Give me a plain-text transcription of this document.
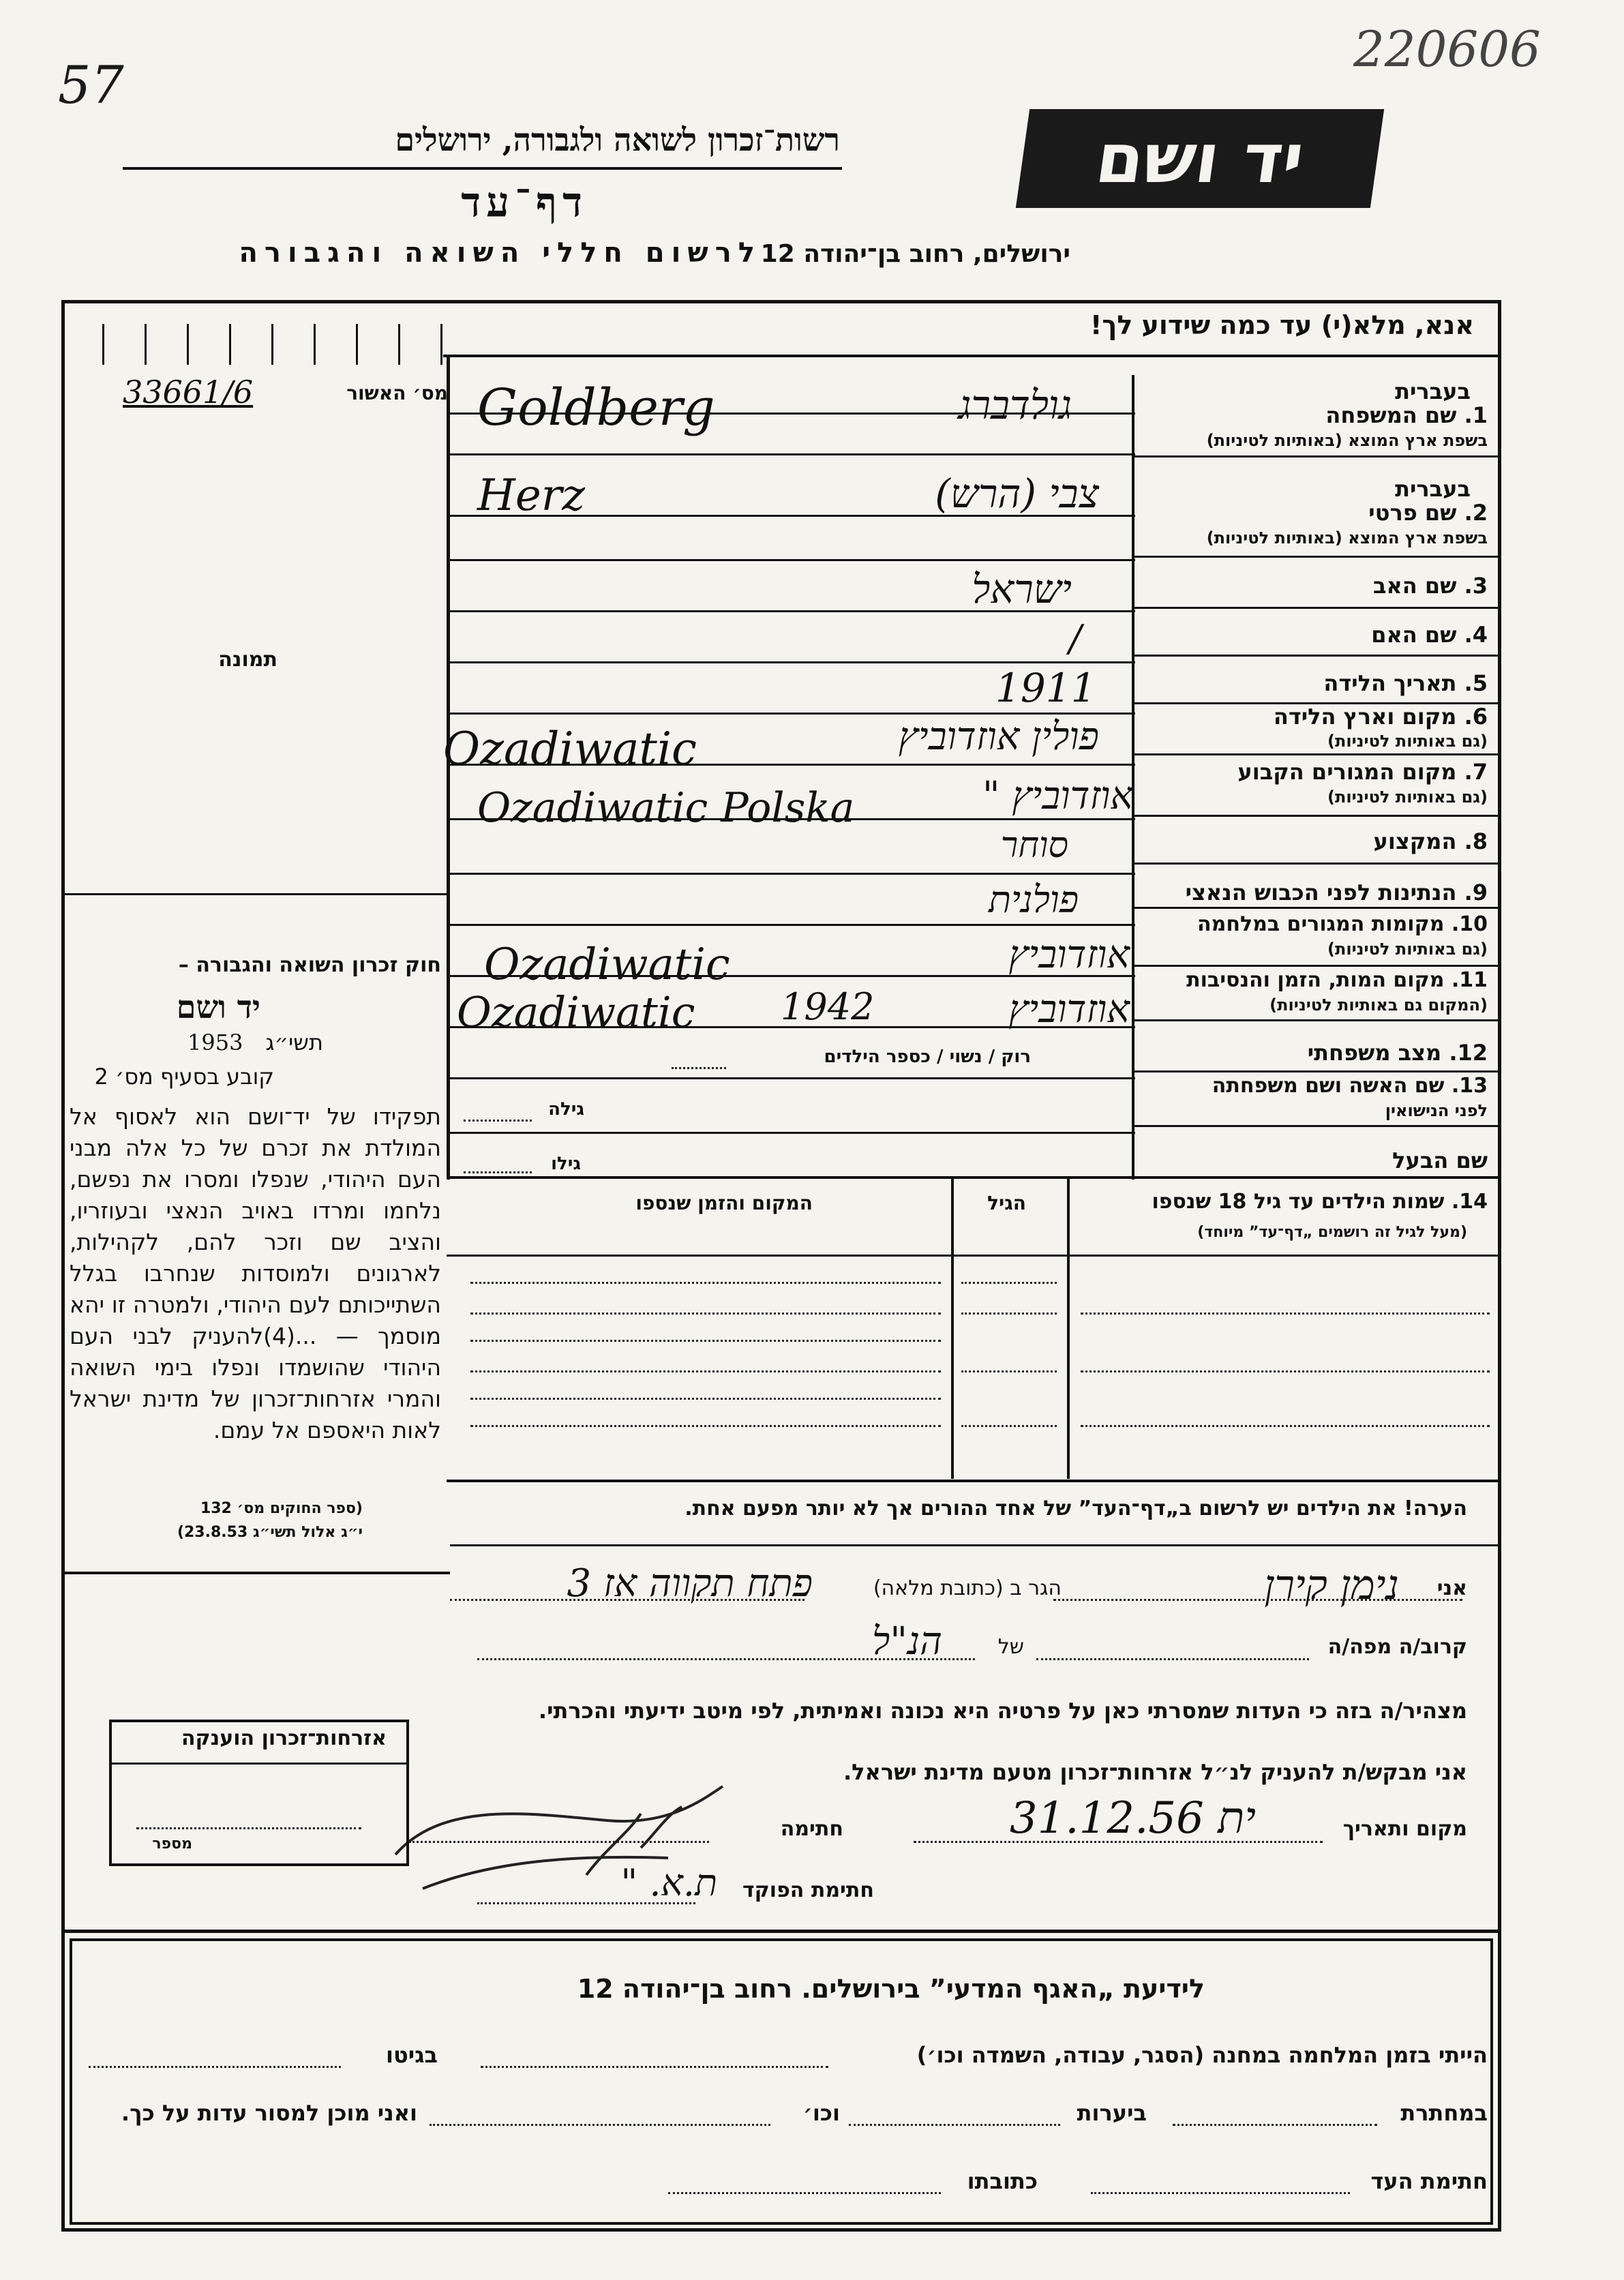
57
220606
רשות־זכרון לשואה ולגבורה, ירושלים
דף־עד
לרשום חללי השואה והגבורה
יד ושם
ירושלים, רחוב בן־יהודה 12
אנא, מלא(י) עד כמה שידוע לך!
מס׳ האשור
33661/6
תמונה
חוק זכרון השואה והגבורה –
יד ושם
תשי״ג
1953
קובע בסעיף מס׳ 2
תפקידו של יד־ושם הוא לאסוף אל המולדת את זכרם של כל אלה מבני העם היהודי, שנפלו ומסרו את נפשם, נלחמו ומרדו באויב הנאצי ובעוזריו, והציב שם וזכר להם, לקהילות, לארגונים ולמוסדות שנחרבו בגלל השתייכותם לעם היהודי, ולמטרה זו יהא מוסמך — ...(4)להעניק לבני העם היהודי שהושמדו ונפלו בימי השואה והמרי אזרחות־זכרון של מדינת ישראל לאות היאספם אל עמם.
(ספר החוקים מס׳ 132
י״ג אלול תשי״ג 23.8.53)
בעברית
1. שם המשפחה
בשפת ארץ המוצא (באותיות לטיניות)
בעברית
2. שם פרטי
בשפת ארץ המוצא (באותיות לטיניות)
3. שם האב
4. שם האם
5. תאריך הלידה
6. מקום וארץ הלידה
(גם באותיות לטיניות)
7. מקום המגורים הקבוע
(גם באותיות לטיניות)
8. המקצוע
9. הנתינות לפני הכבוש הנאצי
10. מקומות המגורים במלחמה
(גם באותיות לטיניות)
11. מקום המות, הזמן והנסיבות
(המקום גם באותיות לטיניות)
12. מצב משפחתי
13. שם האשה ושם משפחתה
לפני הנישואין
שם הבעל
גולדברג
Goldberg
צבי (הרש)
Herz
ישראל
/
1911
פולין אוזדוביץ
Ozadiwatic
אוזדוביץ "
Ozadiwatic Polska
סוחר
פולנית
אוזדוביץ
Ozadiwatic
אוזדוביץ
1942
Ozadiwatic
רוק / נשוי / כספר הילדים
גילה
גילו
14. שמות הילדים עד גיל 18 שנספו
(מעל לגיל זה רושמים „דף־עד” מיוחד)
הגיל
המקום והזמן שנספו
הערה! את הילדים יש לרשום ב„דף־העד” של אחד ההורים אך לא יותר מפעם אחת.
אני
נימן קירן
הגר ב (כתובת מלאה)
פתח תקווה אז 3
קרוב/ה מפה/ה
של
הנ"ל
מצהיר/ה בזה כי העדות שמסרתי כאן על פרטיה היא נכונה ואמיתית, לפי מיטב ידיעתי והכרתי.
אני מבקש/ת להעניק לנ״ל אזרחות־זכרון מטעם מדינת ישראל.
מקום ותאריך
ית 31.12.56
חתימה
חתימת הפוקד
ת.א. "
אזרחות־זכרון הוענקה
מספר
לידיעת „האגף המדעי” בירושלים. רחוב בן־יהודה 12
הייתי בזמן המלחמה במחנה (הסגר, עבודה, השמדה וכו׳)
בגיטו
במחתרת
ביערות
וכו׳
ואני מוכן למסור עדות על כך.
חתימת העד
כתובתו
